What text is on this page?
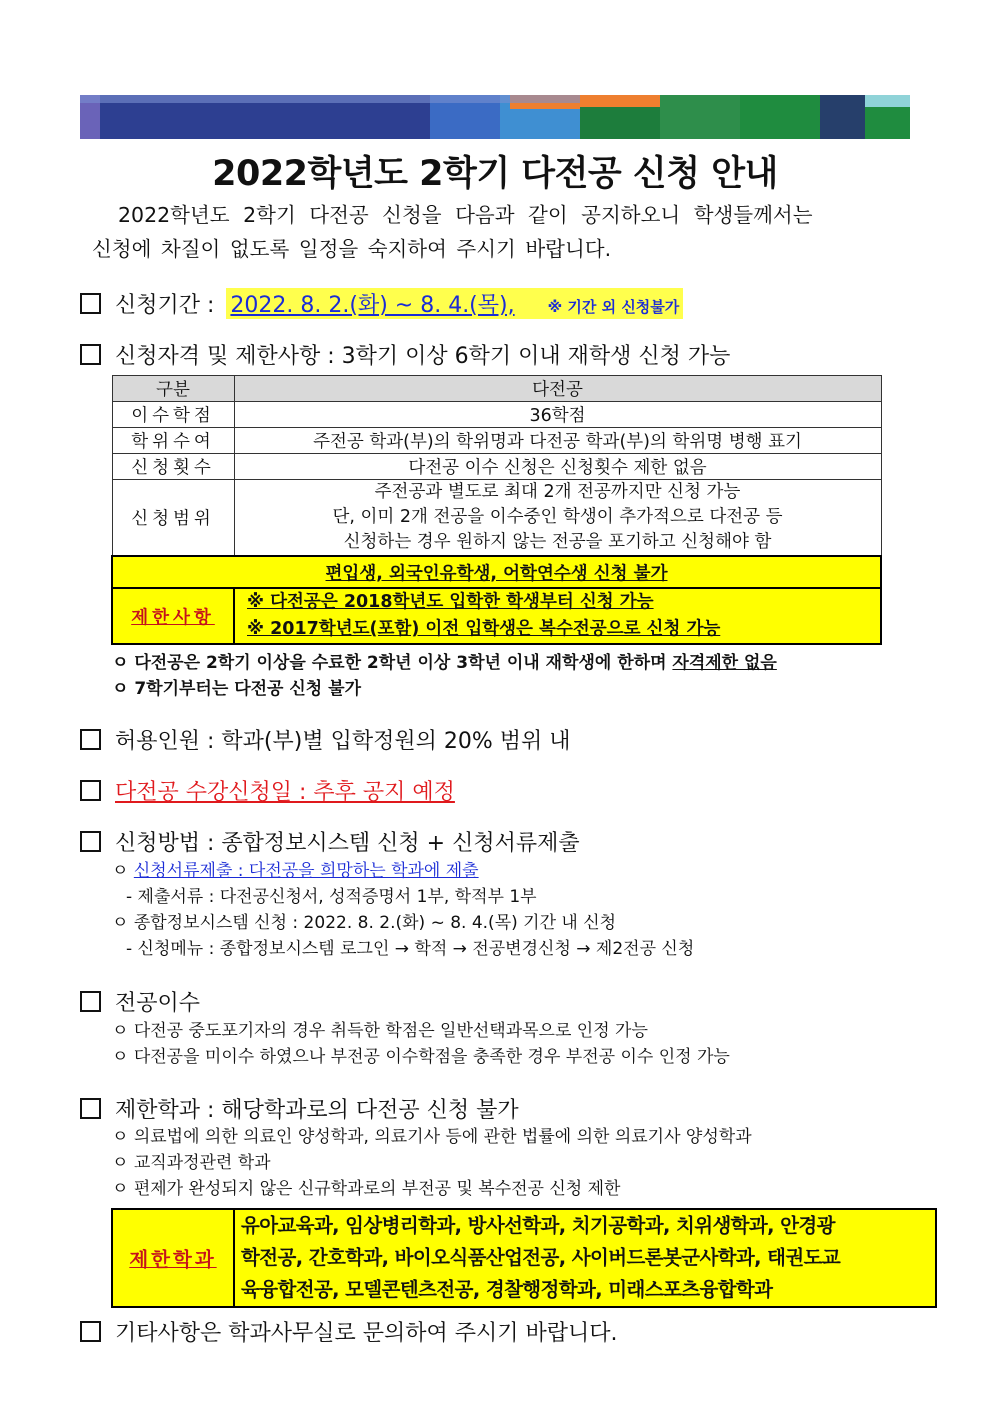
2022학년도 2학기 다전공 신청 안내
2022학년도 2학기 다전공 신청을 다음과 같이 공지하오니 학생들께서는
신청에 차질이 없도록 일정을 숙지하여 주시기 바랍니다.
신청기간 : 2022. 8. 2.(화) ~ 8. 4.(목), ※ 기간 외 신청불가
신청자격 및 제한사항 : 3학기 이상 6학기 이내 재학생 신청 가능
구분	다전공
이수학점	36학점
학위수여	주전공 학과(부)의 학위명과 다전공 학과(부)의 학위명 병행 표기
신청횟수	다전공 이수 신청은 신청횟수 제한 없음
신청범위	주전공과 별도로 최대 2개 전공까지만 신청 가능
단, 이미 2개 전공을 이수중인 학생이 추가적으로 다전공 등
신청하는 경우 원하지 않는 전공을 포기하고 신청해야 함

편입생, 외국인유학생, 어학연수생 신청 불가	
제한사항	※ 다전공은 2018학년도 입학한 학생부터 신청 가능
※ 2017학년도(포함) 이전 입학생은 복수전공으로 신청 가능
ㅇ 다전공은 2학기 이상을 수료한 2학년 이상 3학년 이내 재학생에 한하며 자격제한 없음
ㅇ 7학기부터는 다전공 신청 불가
허용인원 : 학과(부)별 입학정원의 20% 범위 내
다전공 수강신청일 : 추후 공지 예정
신청방법 : 종합정보시스템 신청 + 신청서류제출
ㅇ 신청서류제출 : 다전공을 희망하는 학과에 제출
- 제출서류 : 다전공신청서, 성적증명서 1부, 학적부 1부
ㅇ 종합정보시스템 신청 : 2022. 8. 2.(화) ~ 8. 4.(목) 기간 내 신청
- 신청메뉴 : 종합정보시스템 로그인 → 학적 → 전공변경신청 → 제2전공 신청
전공이수
ㅇ 다전공 중도포기자의 경우 취득한 학점은 일반선택과목으로 인정 가능
ㅇ 다전공을 미이수 하였으나 부전공 이수학점을 충족한 경우 부전공 이수 인정 가능
제한학과 : 해당학과로의 다전공 신청 불가
ㅇ 의료법에 의한 의료인 양성학과, 의료기사 등에 관한 법률에 의한 의료기사 양성학과
ㅇ 교직과정관련 학과
ㅇ 편제가 완성되지 않은 신규학과로의 부전공 및 복수전공 신청 제한
제한학과	
유아교육과, 임상병리학과, 방사선학과, 치기공학과, 치위생학과, 안경광
학전공, 간호학과, 바이오식품산업전공, 사이버드론봇군사학과, 태권도교
육융합전공, 모델콘텐츠전공, 경찰행정학과, 미래스포츠융합학과
기타사항은 학과사무실로 문의하여 주시기 바랍니다.
